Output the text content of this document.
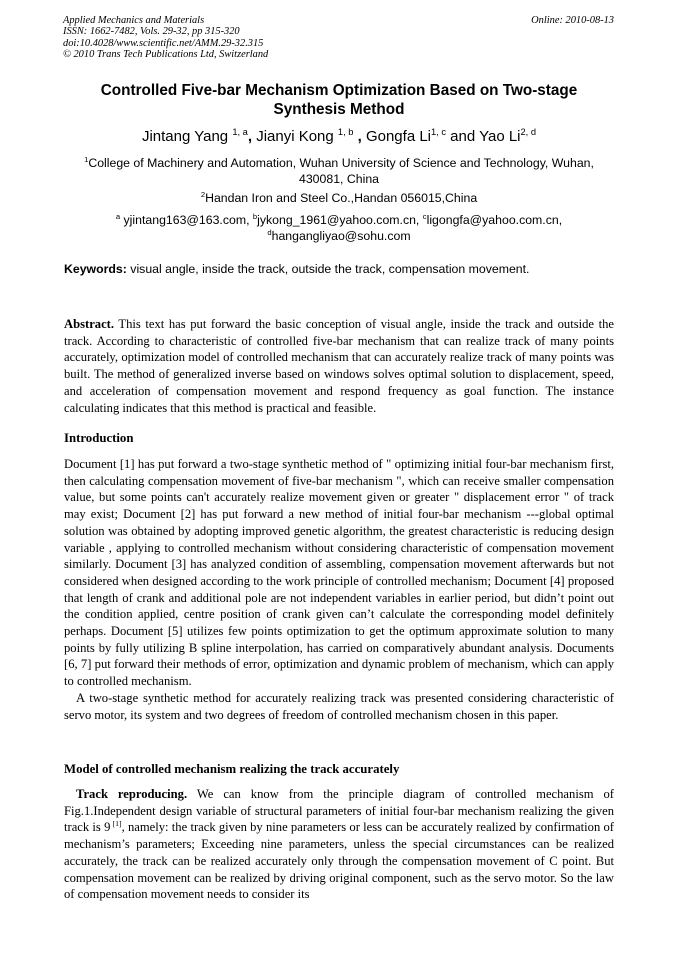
Applied Mechanics and Materials
ISSN: 1662-7482, Vols. 29-32, pp 315-320
doi:10.4028/www.scientific.net/AMM.29-32.315
© 2010 Trans Tech Publications Ltd, Switzerland
Online: 2010-08-13
Controlled Five-bar Mechanism Optimization Based on Two-stage
Synthesis Method
Jintang Yang $^{1, a}$, Jianyi Kong $^{1, b}$ , Gongfa Li$^{1, c}$ and Yao Li$^{2, d}$
$^1$College of Machinery and Automation, Wuhan University of Science and Technology, Wuhan, 430081, China
$^2$Handan Iron and Steel Co.,Handan 056015,China
$^a$ yjintang163@163.com, $^b$jykong_1961@yahoo.com.cn, $^c$ligongfa@yahoo.com.cn,
$^d$hangangliyao@sohu.com
Keywords: visual angle, inside the track, outside the track, compensation movement.
Abstract. This text has put forward the basic conception of visual angle, inside the track and outside the track. According to characteristic of controlled five-bar mechanism that can realize track of many points accurately, optimization model of controlled mechanism that can accurately realize track of many points was built. The method of generalized inverse based on windows solves optimal solution to displacement, speed, and acceleration of compensation movement and respond frequency as goal function. The instance calculating indicates that this method is practical and feasible.
Introduction

Document [1] has put forward a two-stage synthetic method of " optimizing initial four-bar mechanism first, then calculating compensation movement of five-bar mechanism ", which can receive smaller compensation value, but some points can't accurately realize movement given or greater " displacement error " of track may exist; Document [2] has put forward a new method of initial four-bar mechanism ---global optimal solution was obtained by adopting improved genetic algorithm, the greatest characteristic is reducing design variable , applying to controlled mechanism without considering characteristic of compensation movement similarly. Document [3] has analyzed condition of assembling, compensation movement afterwards but not considered when designed according to the work principle of controlled mechanism; Document [4] proposed that length of crank and additional pole are not independent variables in earlier period, but didn’t point out the condition applied, centre position of crank given can’t calculate the corresponding model definitely perhaps. Document [5] utilizes few points optimization to get the optimum approximate solution to many points by fully utilizing B spline interpolation, has carried on comparatively abundant analysis. Documents [6, 7] put forward their methods of error, optimization and dynamic problem of mechanism, which can apply to controlled mechanism.

A two-stage synthetic method for accurately realizing track was presented considering characteristic of servo motor, its system and two degrees of freedom of controlled mechanism chosen in this paper.

Model of controlled mechanism realizing the track accurately

Track reproducing. We can know from the principle diagram of controlled mechanism of Fig.1.Independent design variable of structural parameters of initial four-bar mechanism realizing the given track is 9 [1], namely: the track given by nine parameters or less can be accurately realized by confirmation of mechanism’s parameters; Exceeding nine parameters, unless the special circumstances can be realized accurately, the track can be realized accurately only through the compensation movement of C point. But compensation movement can be realized by driving original component, such as the servo motor. So the law of compensation movement needs to consider its
